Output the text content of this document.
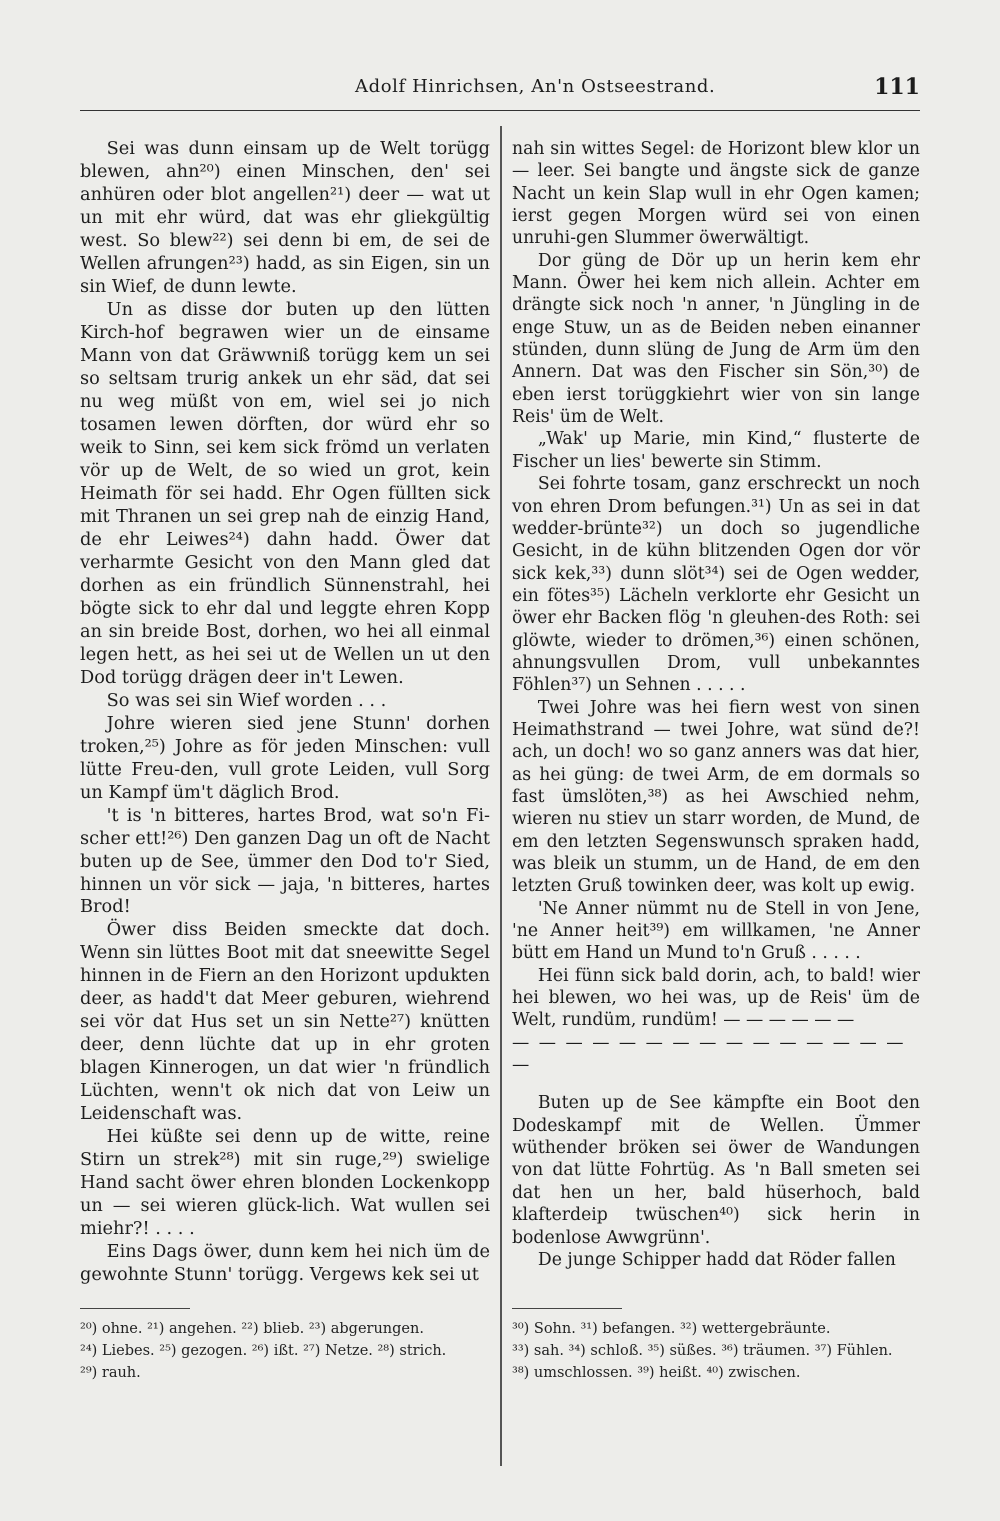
Adolf Hinrichsen, An'n Ostseestrand.	111

Sei was dunn einsam up de Welt torügg blewen, ahn²⁰) einen Minschen, den' sei anhüren oder blot angellen²¹) deer — wat ut un mit ehr würd, dat was ehr gliekgültig west. So blew²²) sei denn bi em, de sei de Wellen afrungen²³) hadd, as sin Eigen, sin un sin Wief, de dunn lewte.

Un as disse dor buten up den lütten Kirch-hof begrawen wier un de einsame Mann von dat Gräwwniß torügg kem un sei so seltsam trurig ankek un ehr säd, dat sei nu weg müßt von em, wiel sei jo nich tosamen lewen dörften, dor würd ehr so weik to Sinn, sei kem sick frömd un verlaten vör up de Welt, de so wied un grot, kein Heimath för sei hadd. Ehr Ogen füllten sick mit Thranen un sei grep nah de einzig Hand, de ehr Leiwes²⁴) dahn hadd. Öwer dat verharmte Gesicht von den Mann gled dat dorhen as ein fründlich Sünnenstrahl, hei bögte sick to ehr dal und leggte ehren Kopp an sin breide Bost, dorhen, wo hei all einmal legen hett, as hei sei ut de Wellen un ut den Dod torügg drägen deer in't Lewen.

So was sei sin Wief worden . . .

Johre wieren sied jene Stunn' dorhen troken,²⁵) Johre as för jeden Minschen: vull lütte Freu-den, vull grote Leiden, vull Sorg un Kampf üm't däglich Brod.

't is 'n bitteres, hartes Brod, wat so'n Fi-scher ett!²⁶) Den ganzen Dag un oft de Nacht buten up de See, ümmer den Dod to'r Sied, hinnen un vör sick — jaja, 'n bitteres, hartes Brod!

Öwer diss Beiden smeckte dat doch. Wenn sin lüttes Boot mit dat sneewitte Segel hinnen in de Fiern an den Horizont updukten deer, as hadd't dat Meer geburen, wiehrend sei vör dat Hus set un sin Nette²⁷) knütten deer, denn lüchte dat up in ehr groten blagen Kinnerogen, un dat wier 'n fründlich Lüchten, wenn't ok nich dat von Leiw un Leidenschaft was.

Hei küßte sei denn up de witte, reine Stirn un strek²⁸) mit sin ruge,²⁹) swielige Hand sacht öwer ehren blonden Lockenkopp un — sei wieren glück-lich. Wat wullen sei miehr?! . . . .

Eins Dags öwer, dunn kem hei nich üm de gewohnte Stunn' torügg. Vergews kek sei ut

²⁰) ohne. ²¹) angehen. ²²) blieb. ²³) abgerungen.
²⁴) Liebes. ²⁵) gezogen. ²⁶) ißt. ²⁷) Netze. ²⁸) strich.
²⁹) rauh.

nah sin wittes Segel: de Horizont blew klor un — leer. Sei bangte und ängste sick de ganze Nacht un kein Slap wull in ehr Ogen kamen; ierst gegen Morgen würd sei von einen unruhi-gen Slummer öwerwältigt.

Dor güng de Dör up un herin kem ehr Mann. Öwer hei kem nich allein. Achter em drängte sick noch 'n anner, 'n Jüngling in de enge Stuw, un as de Beiden neben einanner stünden, dunn slüng de Jung de Arm üm den Annern. Dat was den Fischer sin Sön,³⁰) de eben ierst torüggkiehrt wier von sin lange Reis' üm de Welt.

„Wak' up Marie, min Kind,“ flusterte de Fischer un lies' bewerte sin Stimm.

Sei fohrte tosam, ganz erschreckt un noch von ehren Drom befungen.³¹) Un as sei in dat wedder-brünte³²) un doch so jugendliche Gesicht, in de kühn blitzenden Ogen dor vör sick kek,³³) dunn slöt³⁴) sei de Ogen wedder, ein fötes³⁵) Lächeln verklorte ehr Gesicht un öwer ehr Backen flög 'n gleuhen-des Roth: sei glöwte, wieder to drömen,³⁶) einen schönen, ahnungsvullen Drom, vull unbekanntes Föhlen³⁷) un Sehnen . . . . .

Twei Johre was hei fiern west von sinen Heimathstrand — twei Johre, wat sünd de?! ach, un doch! wo so ganz anners was dat hier, as hei güng: de twei Arm, de em dormals so fast ümslöten,³⁸) as hei Awschied nehm, wieren nu stiev un starr worden, de Mund, de em den letzten Segenswunsch spraken hadd, was bleik un stumm, un de Hand, de em den letzten Gruß towinken deer, was kolt up ewig.

'Ne Anner nümmt nu de Stell in von Jene, 'ne Anner heit³⁹) em willkamen, 'ne Anner bütt em Hand un Mund to'n Gruß . . . . .

Hei fünn sick bald dorin, ach, to bald! wier hei blewen, wo hei was, up de Reis' üm de Welt, rundüm, rundüm! — — — — — —

— — — — — — — — — — — — — — — —

Buten up de See kämpfte ein Boot den Dodeskampf mit de Wellen. Ümmer wüthender bröken sei öwer de Wandungen von dat lütte Fohrtüg. As 'n Ball smeten sei dat hen un her, bald hüserhoch, bald klafterdeip twüschen⁴⁰) sick herin in bodenlose Awwgrünn'.

De junge Schipper hadd dat Röder fallen

³⁰) Sohn. ³¹) befangen. ³²) wettergebräunte.
³³) sah. ³⁴) schloß. ³⁵) süßes. ³⁶) träumen. ³⁷) Fühlen.
³⁸) umschlossen. ³⁹) heißt. ⁴⁰) zwischen.
